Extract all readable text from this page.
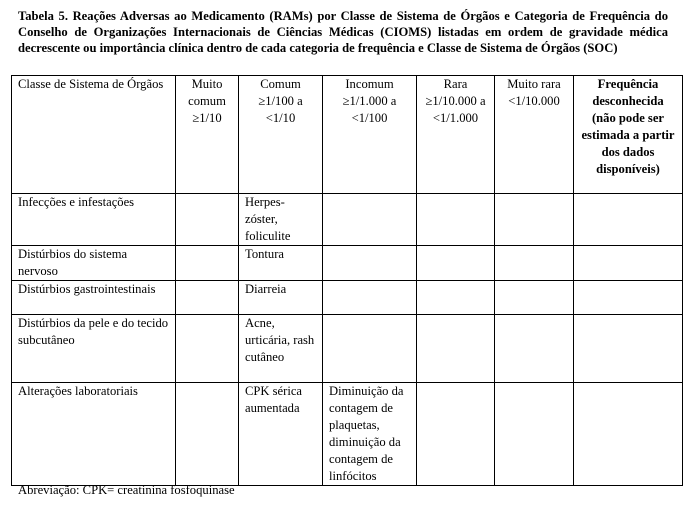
Tabela 5. Reações Adversas ao Medicamento (RAMs) por Classe de Sistema de Órgãos e Categoria de Frequência do Conselho de Organizações Internacionais de Ciências Médicas (CIOMS) listadas em ordem de gravidade médica decrescente ou importância clínica dentro de cada categoria de frequência e Classe de Sistema de Órgãos (SOC)
Classe de Sistema de Órgãos	Muito comum ≥1/10	Comum ≥1/100 a <1/10	Incomum ≥1/1.000 a <1/100	Rara ≥1/10.000 a <1/1.000	Muito rara <1/10.000	Frequência desconhecida (não pode ser estimada a partir dos dados disponíveis)
Infecções e infestações		Herpes-zóster, foliculite				
Distúrbios do sistema nervoso		Tontura				
Distúrbios gastrointestinais		Diarreia				
Distúrbios da pele e do tecido subcutâneo		Acne, urticária, rash cutâneo				
Alterações laboratoriais		CPK sérica aumentada	Diminuição da contagem de plaquetas, diminuição da contagem de linfócitos			
Abreviação: CPK= creatinina fosfoquinase
